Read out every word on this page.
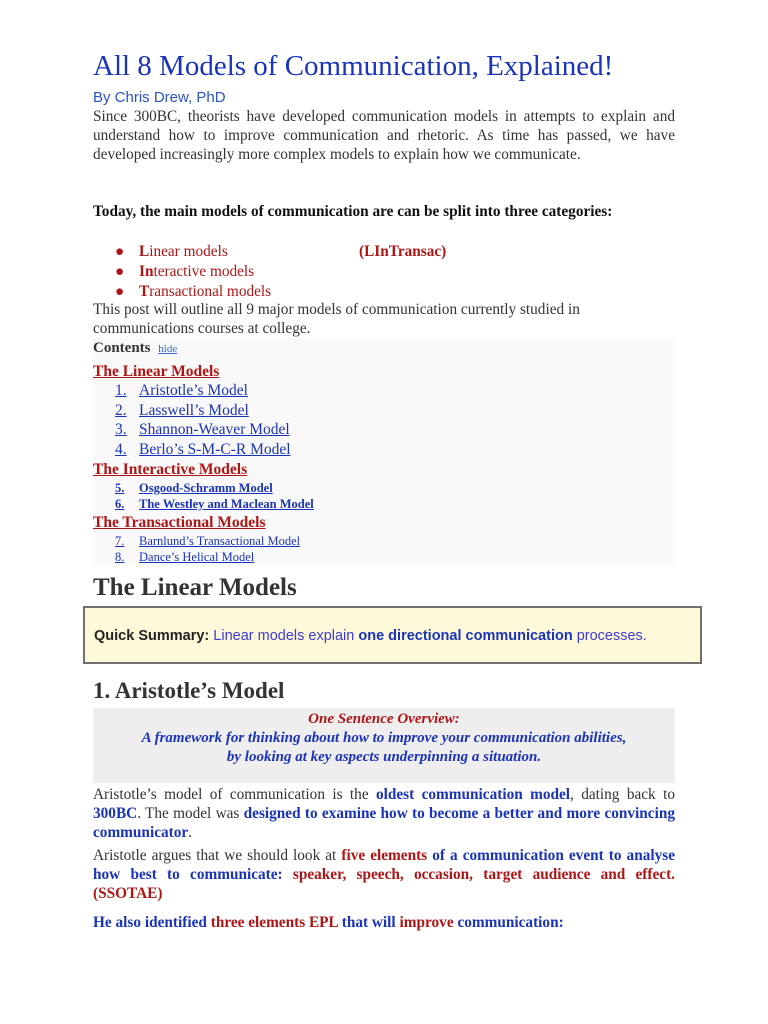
All 8 Models of Communication, Explained!
By Chris Drew, PhD

Since 300BC, theorists have developed communication models in attempts to explain and understand how to improve communication and rhetoric. As time has passed, we have developed increasingly more complex models to explain how we communicate.

Today, the main models of communication are can be split into three categories:

● Linear models	(LInTransac)
● Interactive models
● Transactional models

This post will outline all 9 major models of communication currently studied in communications courses at college.

Contents hide
The Linear Models
1. Aristotle’s Model
2. Lasswell’s Model
3. Shannon-Weaver Model
4. Berlo’s S-M-C-R Model
The Interactive Models
5. Osgood-Schramm Model
6. The Westley and Maclean Model
The Transactional Models
7. Barnlund’s Transactional Model
8. Dance’s Helical Model
The Linear Models
Quick Summary: Linear models explain one directional communication processes.
1. Aristotle’s Model
One Sentence Overview:
A framework for thinking about how to improve your communication abilities,
by looking at key aspects underpinning a situation.

Aristotle’s model of communication is the oldest communication model, dating back to 300BC. The model was designed to examine how to become a better and more convincing communicator.

Aristotle argues that we should look at five elements of a communication event to analyse how best to communicate: speaker, speech, occasion, target audience and effect. (SSOTAE)

He also identified three elements EPL that will improve communication:
